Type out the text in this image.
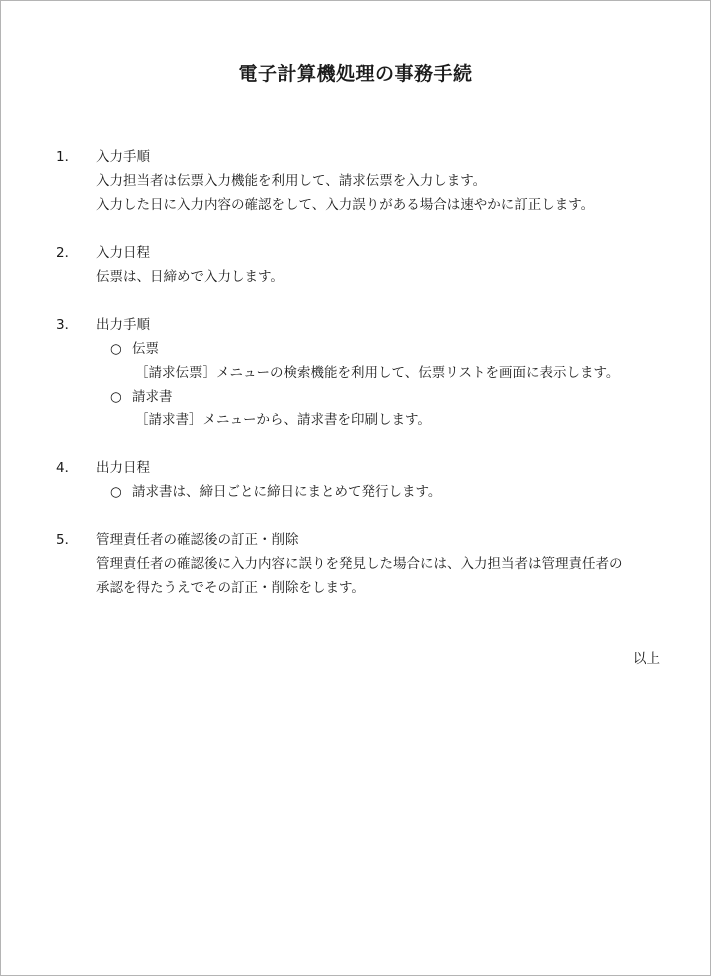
電子計算機処理の事務手続
1． 入力手順
入力担当者は伝票入力機能を利用して、請求伝票を入力します。
入力した日に入力内容の確認をして、入力誤りがある場合は速やかに訂正します。
2． 入力日程
伝票は、日締めで入力します。
3． 出力手順
○ 伝票
［請求伝票］メニューの検索機能を利用して、伝票リストを画面に表示します。
○ 請求書
［請求書］メニューから、請求書を印刷します。
4． 出力日程
○ 請求書は、締日ごとに締日にまとめて発行します。
5． 管理責任者の確認後の訂正・削除
管理責任者の確認後に入力内容に誤りを発見した場合には、入力担当者は管理責任者の
承認を得たうえでその訂正・削除をします。
以上
